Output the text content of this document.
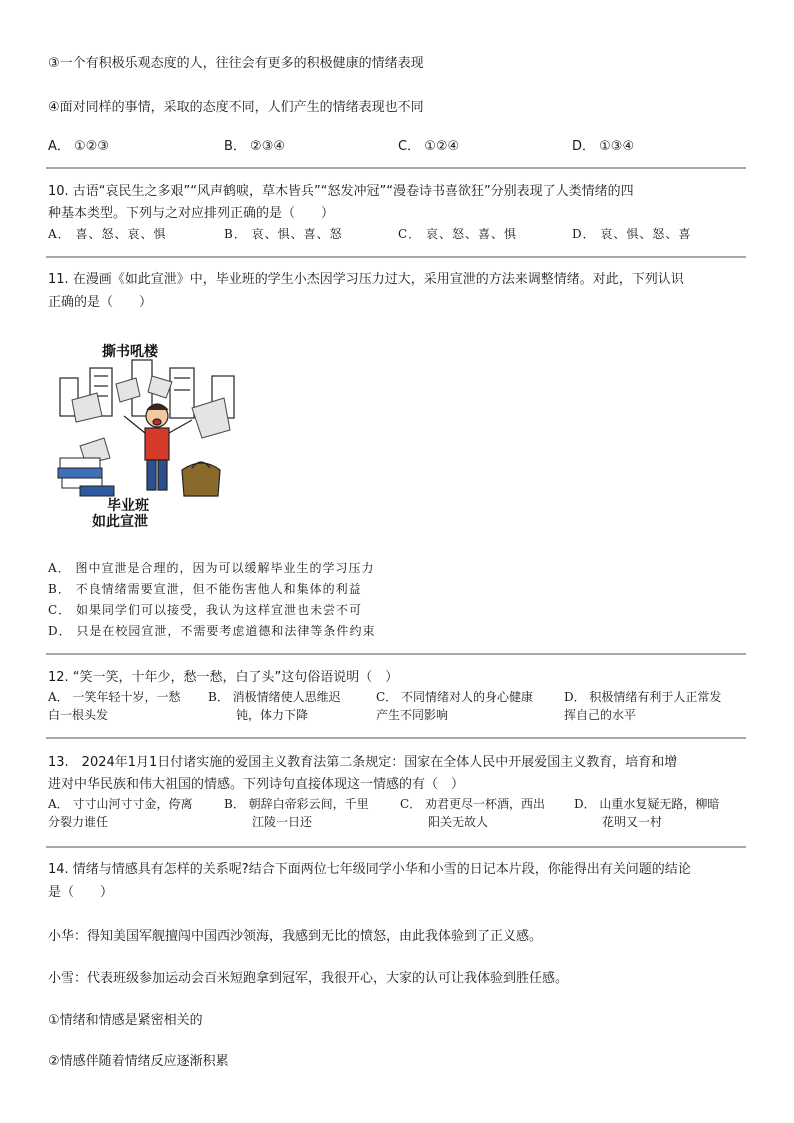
③一个有积极乐观态度的人，往往会有更多的积极健康的情绪表现
④面对同样的事情，采取的态度不同，人们产生的情绪表现也不同
A． ①②③	B． ②③④	C． ①②④	D． ①③④
10. 古语“哀民生之多艰”“风声鹤唳，草木皆兵”“怒发冲冠”“漫卷诗书喜欲狂”分别表现了人类情绪的四
种基本类型。下列与之对应排列正确的是（　　）
A． 喜、怒、哀、惧	B． 哀、惧、喜、怒	C． 哀、怒、喜、惧	D． 哀、惧、怒、喜
11. 在漫画《如此宣泄》中，毕业班的学生小杰因学习压力过大，采用宣泄的方法来调整情绪。对此，下列认识
正确的是（　　）
撕书吼楼
毕业班
如此宣泄
A． 图中宣泄是合理的，因为可以缓解毕业生的学习压力
B． 不良情绪需要宣泄，但不能伤害他人和集体的利益
C． 如果同学们可以接受，我认为这样宣泄也未尝不可
D． 只是在校园宣泄，不需要考虑道德和法律等条件约束
12. “笑一笑，十年少，愁一愁，白了头”这句俗语说明（　）
A． 一笑年轻十岁，一愁
白一根头发
B． 消极情绪使人思维迟
钝，体力下降
C． 不同情绪对人的身心健康
产生不同影响
D． 积极情绪有利于人正常发
挥自己的水平
13.　2024年1月1日付诸实施的爱国主义教育法第二条规定：国家在全体人民中开展爱国主义教育，培育和增
进对中华民族和伟大祖国的情感。下列诗句直接体现这一情感的有（　）
A． 寸寸山河寸寸金，侉离
分裂力谁任
B． 朝辞白帝彩云间，千里
江陵一日还
C． 劝君更尽一杯酒，西出
阳关无故人
D． 山重水复疑无路，柳暗
花明又一村
14. 情绪与情感具有怎样的关系呢?结合下面两位七年级同学小华和小雪的日记本片段，你能得出有关问题的结论
是（　　）
小华：得知美国军舰擅闯中国西沙领海，我感到无比的愤怒，由此我体验到了正义感。
小雪：代表班级参加运动会百米短跑拿到冠军，我很开心，大家的认可让我体验到胜任感。
①情绪和情感是紧密相关的
②情感伴随着情绪反应逐渐积累
